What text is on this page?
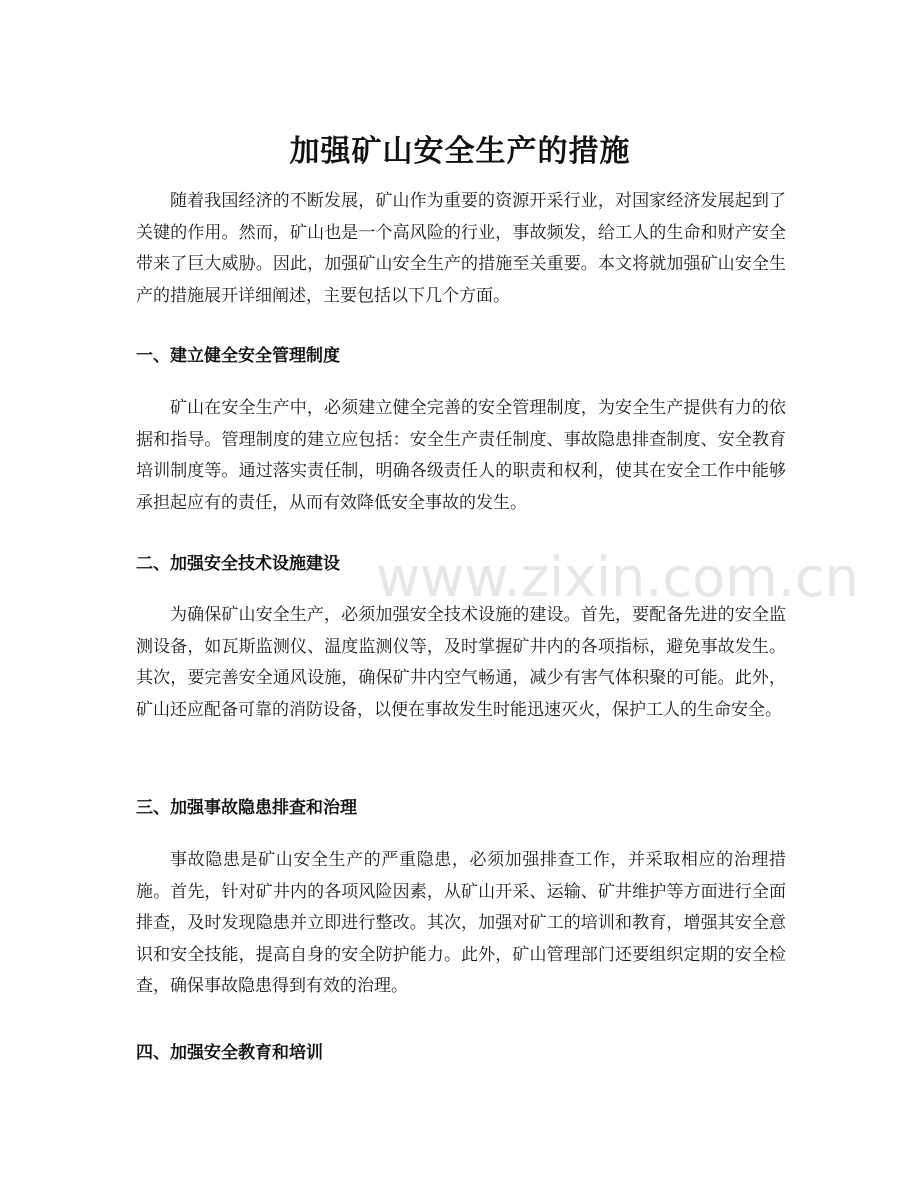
加强矿山安全生产的措施

随着我国经济的不断发展，矿山作为重要的资源开采行业，对国家经济发展起到了关键的作用。然而，矿山也是一个高风险的行业，事故频发，给工人的生命和财产安全带来了巨大威胁。因此，加强矿山安全生产的措施至关重要。本文将就加强矿山安全生产的措施展开详细阐述，主要包括以下几个方面。

一、建立健全安全管理制度

矿山在安全生产中，必须建立健全完善的安全管理制度，为安全生产提供有力的依据和指导。管理制度的建立应包括：安全生产责任制度、事故隐患排查制度、安全教育培训制度等。通过落实责任制，明确各级责任人的职责和权利，使其在安全工作中能够承担起应有的责任，从而有效降低安全事故的发生。

二、加强安全技术设施建设

为确保矿山安全生产，必须加强安全技术设施的建设。首先，要配备先进的安全监测设备，如瓦斯监测仪、温度监测仪等，及时掌握矿井内的各项指标，避免事故发生。其次，要完善安全通风设施，确保矿井内空气畅通，减少有害气体积聚的可能。此外，矿山还应配备可靠的消防设备，以便在事故发生时能迅速灭火，保护工人的生命安全。

三、加强事故隐患排查和治理

事故隐患是矿山安全生产的严重隐患，必须加强排查工作，并采取相应的治理措施。首先，针对矿井内的各项风险因素，从矿山开采、运输、矿井维护等方面进行全面排查，及时发现隐患并立即进行整改。其次，加强对矿工的培训和教育，增强其安全意识和安全技能，提高自身的安全防护能力。此外，矿山管理部门还要组织定期的安全检查，确保事故隐患得到有效的治理。

四、加强安全教育和培训
www.zixin.com.cn
